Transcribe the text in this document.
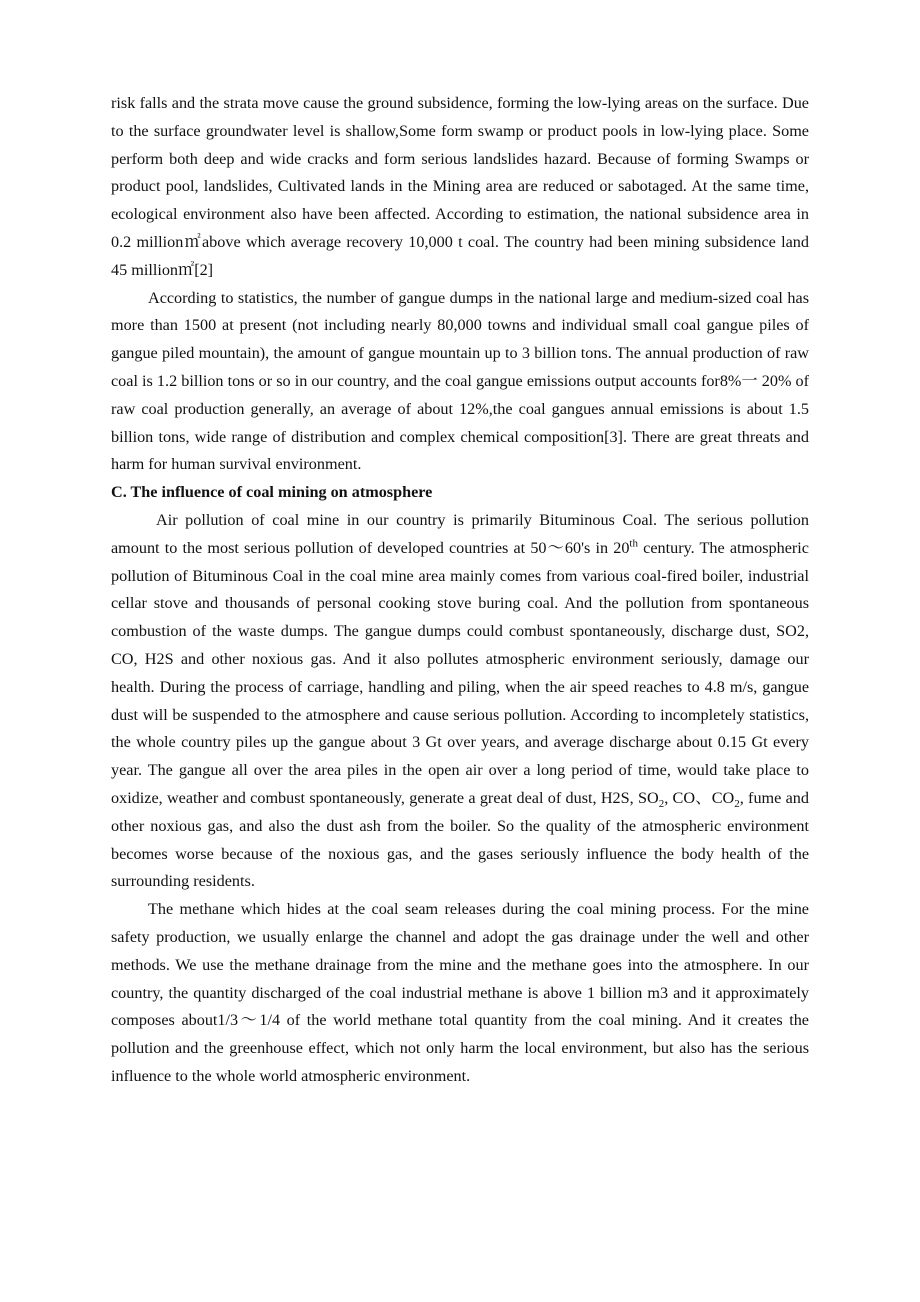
risk falls and the strata move cause the ground subsidence, forming the low-lying areas on the surface. Due to the surface groundwater level is shallow,Some form swamp or product pools in low-lying place. Some perform both deep and wide cracks and form serious landslides hazard. Because of forming Swamps or product pool, landslides, Cultivated lands in the Mining area are reduced or sabotaged. At the same time, ecological environment also have been affected. According to estimation, the national subsidence area in 0.2 million㎡above which average recovery 10,000 t coal. The country had been mining subsidence land 45 million㎡[2]

According to statistics, the number of gangue dumps in the national large and medium-sized coal has more than 1500 at present (not including nearly 80,000 towns and individual small coal gangue piles of gangue piled mountain), the amount of gangue mountain up to 3 billion tons. The annual production of raw coal is 1.2 billion tons or so in our country, and the coal gangue emissions output accounts for8%一 20% of raw coal production generally, an average of about 12%,the coal gangues annual emissions is about 1.5 billion tons, wide range of distribution and complex chemical composition[3]. There are great threats and harm for human survival environment.

C. The influence of coal mining on atmosphere

Air pollution of coal mine in our country is primarily Bituminous Coal. The serious pollution amount to the most serious pollution of developed countries at 50～60's in 20th century. The atmospheric pollution of Bituminous Coal in the coal mine area mainly comes from various coal-fired boiler, industrial cellar stove and thousands of personal cooking stove buring coal. And the pollution from spontaneous combustion of the waste dumps. The gangue dumps could combust spontaneously, discharge dust, SO2, CO, H2S and other noxious gas. And it also pollutes atmospheric environment seriously, damage our health. During the process of carriage, handling and piling, when the air speed reaches to 4.8 m/s, gangue dust will be suspended to the atmosphere and cause serious pollution. According to incompletely statistics, the whole country piles up the gangue about 3 Gt over years, and average discharge about 0.15 Gt every year. The gangue all over the area piles in the open air over a long period of time, would take place to oxidize, weather and combust spontaneously, generate a great deal of dust, H2S, $SO_2$, CO、$CO_2$, fume and other noxious gas, and also the dust ash from the boiler. So the quality of the atmospheric environment becomes worse because of the noxious gas, and the gases seriously influence the body health of the surrounding residents.

The methane which hides at the coal seam releases during the coal mining process. For the mine safety production, we usually enlarge the channel and adopt the gas drainage under the well and other methods. We use the methane drainage from the mine and the methane goes into the atmosphere. In our country, the quantity discharged of the coal industrial methane is above 1 billion m3 and it approximately composes about1/3～1/4 of the world methane total quantity from the coal mining. And it creates the pollution and the greenhouse effect, which not only harm the local environment, but also has the serious influence to the whole world atmospheric environment.
